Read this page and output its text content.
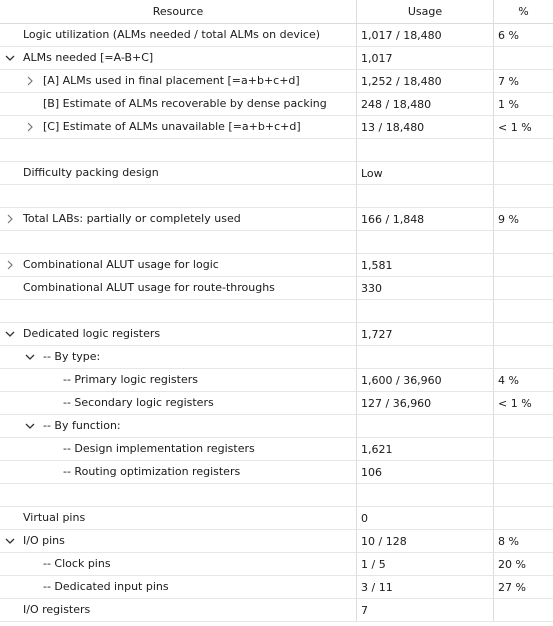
Resource	Usage	%
Logic utilization (ALMs needed / total ALMs on device)	1,017 / 18,480	6 %
ALMs needed [=A-B+C]	1,017
[A] ALMs used in final placement [=a+b+c+d]	1,252 / 18,480	7 %
[B] Estimate of ALMs recoverable by dense packing	248 / 18,480	1 %
[C] Estimate of ALMs unavailable [=a+b+c+d]	13 / 18,480	< 1 %
Difficulty packing design	Low
Total LABs: partially or completely used	166 / 1,848	9 %
Combinational ALUT usage for logic	1,581
Combinational ALUT usage for route-throughs	330
Dedicated logic registers	1,727
-- By type:
-- Primary logic registers	1,600 / 36,960	4 %
-- Secondary logic registers	127 / 36,960	< 1 %
-- By function:
-- Design implementation registers	1,621
-- Routing optimization registers	106
Virtual pins	0
I/O pins	10 / 128	8 %
-- Clock pins	1 / 5	20 %
-- Dedicated input pins	3 / 11	27 %
I/O registers	7
